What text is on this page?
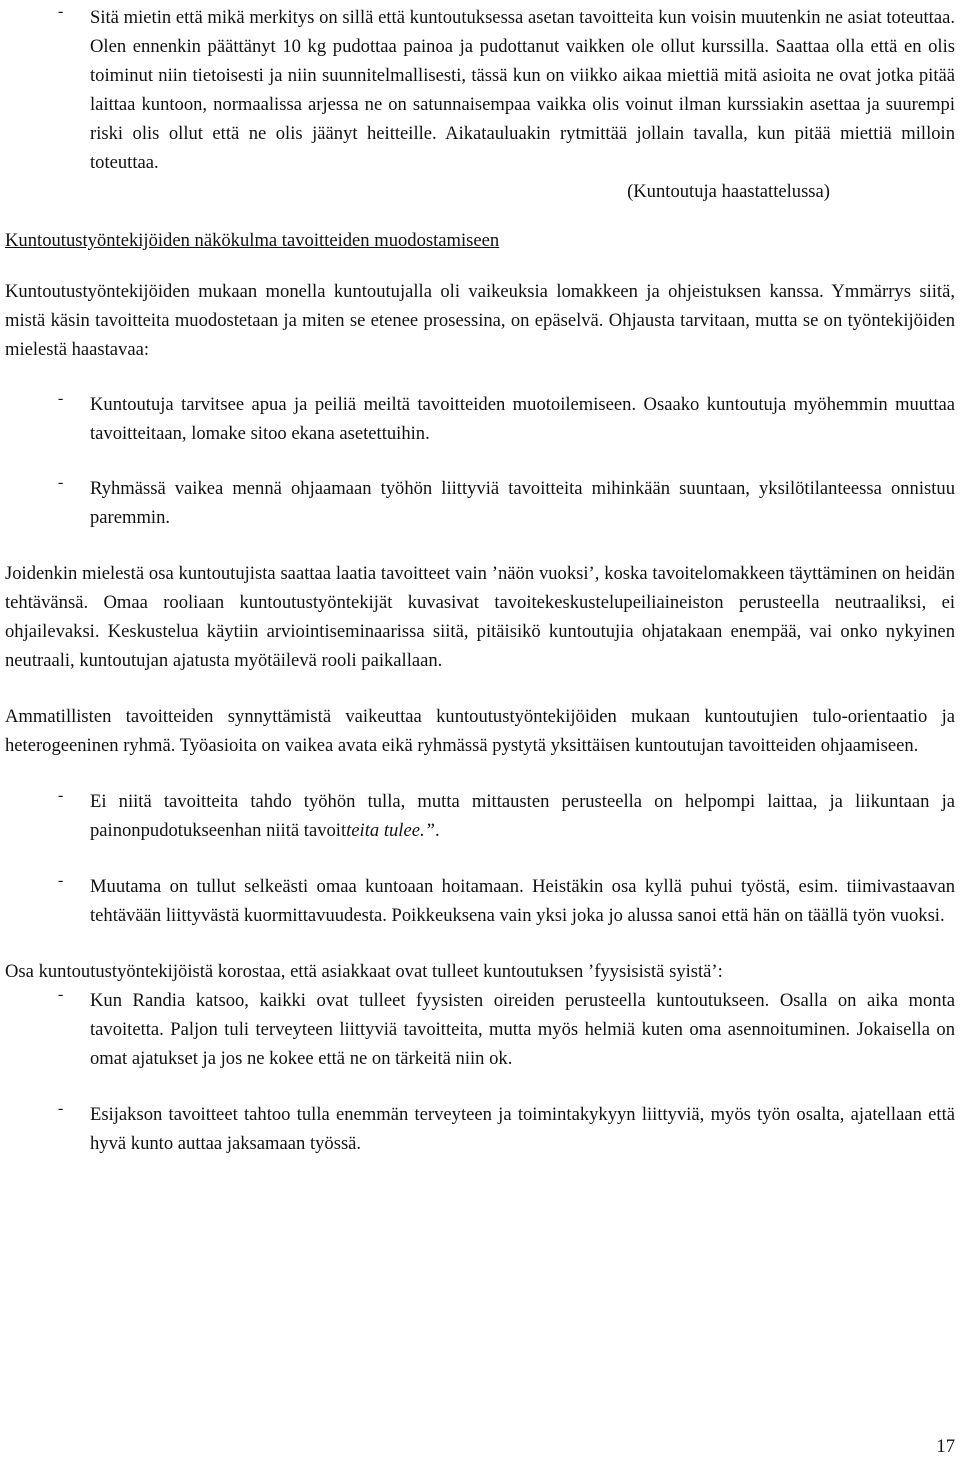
-	Sitä mietin että mikä merkitys on sillä että kuntoutuksessa asetan tavoitteita kun voisin muutenkin ne asiat toteuttaa. Olen ennenkin päättänyt 10 kg pudottaa painoa ja pudottanut vaikken ole ollut kurssilla. Saattaa olla että en olis toiminut niin tietoisesti ja niin suunnitelmallisesti, tässä kun on viikko aikaa miettiä mitä asioita ne ovat jotka pitää laittaa kuntoon, normaalissa arjessa ne on satunnaisempaa vaikka olis voinut ilman kurssiakin asettaa ja suurempi riski olis ollut että ne olis jäänyt heitteille. Aikatauluakin rytmittää jollain tavalla, kun pitää miettiä milloin toteuttaa.

(Kuntoutuja haastattelussa)

Kuntoutustyöntekijöiden näkökulma tavoitteiden muodostamiseen

Kuntoutustyöntekijöiden mukaan monella kuntoutujalla oli vaikeuksia lomakkeen ja ohjeistuksen kanssa. Ymmärrys siitä, mistä käsin tavoitteita muodostetaan ja miten se etenee prosessina, on epäselvä. Ohjausta tarvitaan, mutta se on työntekijöiden mielestä haastavaa:

-	Kuntoutuja tarvitsee apua ja peiliä meiltä tavoitteiden muotoilemiseen. Osaako kuntoutuja myöhemmin muuttaa tavoitteitaan, lomake sitoo ekana asetettuihin.

-	Ryhmässä vaikea mennä ohjaamaan työhön liittyviä tavoitteita mihinkään suuntaan, yksilötilanteessa onnistuu paremmin.

Joidenkin mielestä osa kuntoutujista saattaa laatia tavoitteet vain ’näön vuoksi’, koska tavoitelomakkeen täyttäminen on heidän tehtävänsä. Omaa rooliaan kuntoutustyöntekijät kuvasivat tavoitekeskustelupeiliaineiston perusteella neutraaliksi, ei ohjailevaksi. Keskustelua käytiin arviointiseminaarissa siitä, pitäisikö kuntoutujia ohjatakaan enempää, vai onko nykyinen neutraali, kuntoutujan ajatusta myötäilevä rooli paikallaan.

Ammatillisten tavoitteiden synnyttämistä vaikeuttaa kuntoutustyöntekijöiden mukaan kuntoutujien tulo-orientaatio ja heterogeeninen ryhmä. Työasioita on vaikea avata eikä ryhmässä pystytä yksittäisen kuntoutujan tavoitteiden ohjaamiseen.

-	Ei niitä tavoitteita tahdo työhön tulla, mutta mittausten perusteella on helpompi laittaa, ja liikuntaan ja painonpudotukseenhan niitä tavoitteita tulee.”.

-	Muutama on tullut selkeästi omaa kuntoaan hoitamaan. Heistäkin osa kyllä puhui työstä, esim. tiimivastaavan tehtävään liittyvästä kuormittavuudesta. Poikkeuksena vain yksi joka jo alussa sanoi että hän on täällä työn vuoksi.

Osa kuntoutustyöntekijöistä korostaa, että asiakkaat ovat tulleet kuntoutuksen ’fyysisistä syistä’:

-	Kun Randia katsoo, kaikki ovat tulleet fyysisten oireiden perusteella kuntoutukseen. Osalla on aika monta tavoitetta. Paljon tuli terveyteen liittyviä tavoitteita, mutta myös helmiä kuten oma asennoituminen. Jokaisella on omat ajatukset ja jos ne kokee että ne on tärkeitä niin ok.

-	Esijakson tavoitteet tahtoo tulla enemmän terveyteen ja toimintakykyyn liittyviä, myös työn osalta, ajatellaan että hyvä kunto auttaa jaksamaan työssä.

17
